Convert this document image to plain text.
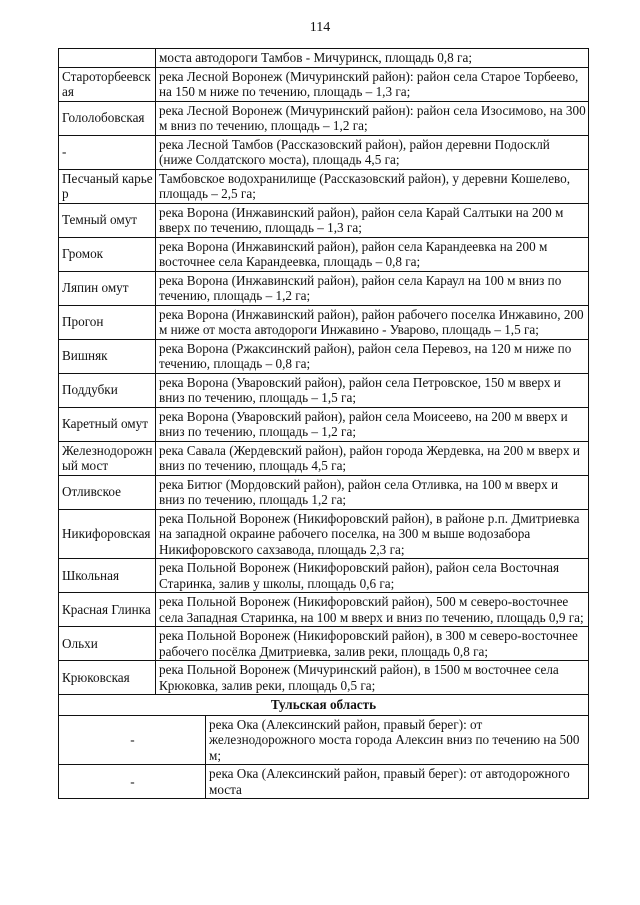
114
	моста автодороги Тамбов - Мичуринск, площадь 0,8 га;	
Староторбеевская	река Лесной Воронеж (Мичуринский район): район села Старое Торбеево, на 150 м ниже по течению, площадь – 1,3 га;	
Гололобовская	река Лесной Воронеж (Мичуринский район): район села Изосимово, на 300 м вниз по течению, площадь – 1,2 га;	
-	река Лесной Тамбов (Рассказовский район), район деревни Подосклй (ниже Солдатского моста), площадь 4,5 га;	
Песчаный карьер	Тамбовское водохранилище (Рассказовский район), у деревни Кошелево, площадь – 2,5 га;	
Темный омут	река Ворона (Инжавинский район), район села Карай Салтыки на 200 м вверх по течению, площадь – 1,3 га;	
Громок	река Ворона (Инжавинский район), район села Карандеевка на 200 м восточнее села Карандеевка, площадь – 0,8 га;	
Ляпин омут	река Ворона (Инжавинский район), район села Караул на 100 м вниз по течению, площадь – 1,2 га;	
Прогон	река Ворона (Инжавинский район), район рабочего поселка Инжавино, 200 м ниже от моста автодороги Инжавино - Уварово, площадь – 1,5 га;	
Вишняк	река Ворона (Ржаксинский район), район села Перевоз, на 120 м ниже по течению, площадь – 0,8 га;	
Поддубки	река Ворона (Уваровский район), район села Петровское, 150 м вверх и вниз по течению, площадь – 1,5 га;	
Каретный омут	река Ворона (Уваровский район), район села Моисеево, на 200 м вверх и вниз по течению, площадь – 1,2 га;	
Железнодорожный мост	река Савала (Жердевский район), район города Жердевка, на 200 м вверх и вниз по течению, площадь 4,5 га;	
Отливское	река Битюг (Мордовский район), район села Отливка, на 100 м вверх и вниз по течению, площадь 1,2 га;	
Никифоровская	река Польной Воронеж (Никифоровский район), в районе р.п. Дмитриевка на западной окраине рабочего поселка, на 300 м выше водозабора Никифоровского сахзавода, площадь 2,3 га;	
Школьная	река Польной Воронеж (Никифоровский район), район села Восточная Старинка, залив у школы, площадь 0,6 га;	
Красная Глинка	река Польной Воронеж (Никифоровский район), 500 м северо-восточнее села Западная Старинка, на 100 м вверх и вниз по течению, площадь 0,9 га;	
Ольхи	река Польной Воронеж (Никифоровский район), в 300 м северо-восточнее рабочего посёлка Дмитриевка, залив реки, площадь 0,8 га;	
Крюковская	река Польной Воронеж (Мичуринский район), в 1500 м восточнее села Крюковка, залив реки, площадь 0,5 га;	
Тульская область		
-		река Ока (Алексинский район, правый берег): от железнодорожного моста города Алексин вниз по течению на 500 м;
-		река Ока (Алексинский район, правый берег): от автодорожного моста
